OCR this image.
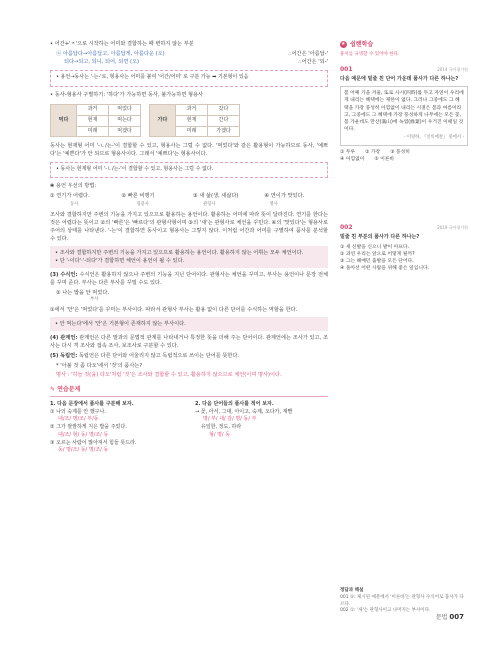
• 어간+'ㅈ'으로 시작하는 어미와 결합하는 때 변하지 않는 부분
ⓐ 아름답다→아름답고, 아름답게, 아름다운 (오)	∴어간은 '아름답-'
되다→되고, 되니, 되어, 되면 (오)	∴어간은 '되-'
• 용언→동사는 '-는-'로, 형용사는 어미를 붙여 '어간/어미' 로 구분 가능 ➡ 기본형이 있음
• 동사-형용사 구별하기: '하다'가 가능하면 동사, 불가능하면 형용사
먹다	과거	먹었다
	현재	먹는다
	미래	먹겠다
가다	과거	갔다
	현재	간다
	미래	가겠다

동사는 현재형 어미 '-ㄴ/는-'이 결합할 수 있고, 형용사는 그럴 수 없다. '먹었다'와 같은 활용형이 가능하므로 동사, '예쁘다'는 '예쁜다'가 안 되므로 형용사이다. 그래서 '예쁘다'는 형용사이다.

• 동사는 현재형 어미 '-ㄴ/는-'이 결합할 수 있고, 형용사는 그럴 수 없다.
❀ 용언 우선의 방법:
① 연기가 어렵다.	② 빠른 비행기	③ 새 삶(생, 새삶다)	④ 연이가 맛있다.
동사	형용사	관형사	명사

조사와 결합하지만 주변의 기능을 가지고 있으므로 활용하는 용언이다. 활용하는 어미에 따라 뜻이 달라진다. 연기를 한다는 것은 어렵다는 뜻이고 ②의 '빠른'은 '빠르다'의 관형사형이며 ③의 '새'는 관형사로 체언을 꾸민다. ④의 '맛있다'는 형용사로 주어의 상태를 나타낸다. '-는'이 결합하면 동사이고 형용사는 그렇지 않다. 이처럼 어간과 어미를 구별하여 품사를 분석할 수 있다.

• 조사와 결합하지만 주변의 기능을 가지고 있으므로 활용하는 용언이다. 활용하지 않는 어휘는 모두 체언이다.
• 단 '-이다'·'-되다'가 결합하면 체언이 용언이 될 수 있다.

(3) 수식언: 수식언은 활용하지 않으나 주변의 기능을 지닌 단어이다. 관형사는 체언을 꾸미고, 부사는 용언이나 문장 전체를 꾸며 준다. 부사는 다른 부사를 꾸밀 수도 있다.

① 나는 밥을 안 먹었다.
부사

①에서 '안'은 '먹었다'를 꾸미는 부사이다. 따라서 관형사 부사는 활용 없이 다른 단어를 수식하는 역할을 한다.

• 안 먹는다'에서 '안'은 기본형이 존재하지 않는 부사이다.

(4) 관계언: 관계언은 다른 말과의 문법적 관계를 나타내거나 특정한 뜻을 더해 주는 단어이다. 관계언에는 조사가 있고, 조사는 다시 격 조사와 접속 조사, 보조사로 구분할 수 있다.

(5) 독립언: 독립언은 다른 단어와 어울리지 않고 독립적으로 쓰이는 단어를 뜻한다.

* '아불 것 좀 다오'에서 '것'의 품사는?
명사 : '하늘 것(을) 다오'처럼 '것'은 조사와 결합할 수 있고, 활용하지 않으므로 체언(이며 명사)이다.
✎ 연습문제
1. 다음 문장에서 품사를 구분해 보자.
① 나의 숙제를 안 했구나.
대/조/ 명/조/ 부/동
② 그가 쌀쌀하게 지은 밥을 주었다.
대/조/ 형/ 동/ 명/조/ 동
③ 오르는 사람이 많아져서 힘들 뜻드라.
동/ 명/조/ 동/ 명/조/ 동
2. 다음 단어들의 품사를 적어 보자.
→ 꽃, 아서, 그대, 아이고, 숙제, 오다가, 재빨
명/ 부/ 대/ 감/ 명/ 동/ 부
유일한, 정도, 하라
형/ 명/ 동
★
쉽핸학습
용서를 규명할 수 있어야 한다.
001	2014 국어평가원
다음 예문에 밑줄 친 단어 가운데 품사가 다른 하나는?
봄 어째 가을 겨울, 또로 사시(四時)를 두고 자연이 우리에게 내리는 혜택에는 제한이 없다. 그러나 그중에도 그 혜택을 가장 풍성히 아낌없이 내리는 시절은 봄과 여름이라고, 그중에도 그 혜택에 가장 풍성하게 나무에는 모든 꽃, 봄 가운데도 만산(滿山)에 녹엽(綠葉)이 우거진 이때일 것이다.
- 이양하, 『신록예찬』 중에서 -
① 두루 ② 가장 ③ 풍성히
④ 아낌없이 ⑤ 이른바
002	2019 국어평가원
밑줄 친 부분의 품사가 다른 하나는?
① 새 신발을 신으니 발이 아프다.
② 과연 우리는 앞으로 어떻게 될까?
③ 그는 헤매던 출발을 모든 단어다.
④ 돌아선 어떤 사람을 위해 좋은 일입니다.
정답과 해설
001 ⑤: 제시된 예문에서 '이른바'는 관형사 수식어로 품사가 다르다.
002 ①: '새'는 관형사이고 나머지는 부사이다.
문법 007
